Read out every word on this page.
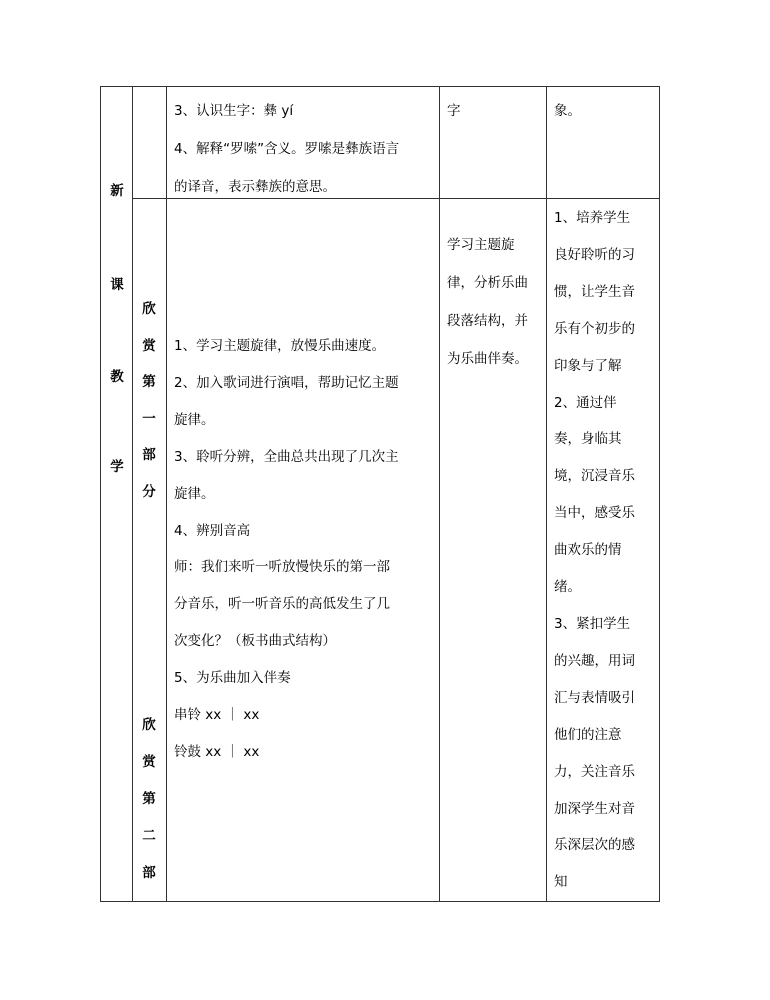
新
课
教
学
欣
赏
第
一
部
分
欣
赏
第
二
部
3、认识生字：彝 yí
4、解释“罗嗦”含义。罗嗦是彝族语言
的译音，表示彝族的意思。
字	象。
1、学习主题旋律，放慢乐曲速度。
2、加入歌词进行演唱，帮助记忆主题
旋律。
3、聆听分辨，全曲总共出现了几次主
旋律。
4、辨别音高
师：我们来听一听放慢快乐的第一部
分音乐，听一听音乐的高低发生了几
次变化？（板书曲式结构）
5、为乐曲加入伴奏
串铃 xx ｜ xx
铃鼓 xx ｜ xx
学习主题旋
律，分析乐曲
段落结构，并
为乐曲伴奏。
1、培养学生
良好聆听的习
惯，让学生音
乐有个初步的
印象与了解
2、通过伴
奏，身临其
境，沉浸音乐
当中，感受乐
曲欢乐的情
绪。
3、紧扣学生
的兴趣，用词
汇与表情吸引
他们的注意
力，关注音乐
加深学生对音
乐深层次的感
知
